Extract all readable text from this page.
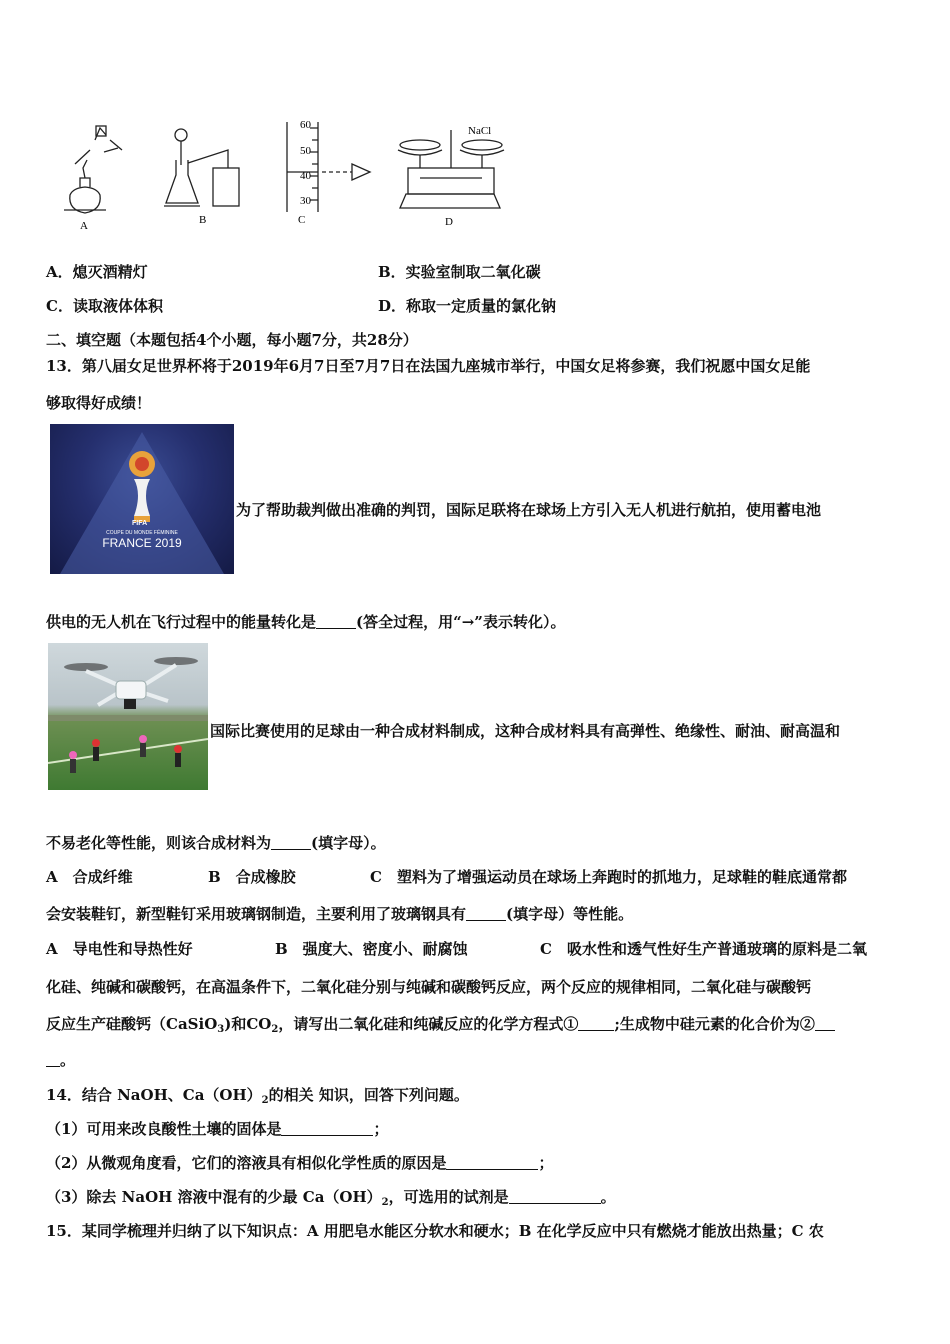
60
50
40
30
NaCl
A	B	C	D
A．熄灭酒精灯	B．实验室制取二氧化碳
C．读取液体体积	D．称取一定质量的氯化钠
二、填空题（本题包括4个小题，每小题7分，共28分）
13．第八届女足世界杯将于2019年6月7日至7月7日在法国九座城市举行，中国女足将参赛，我们祝愿中国女足能
够取得好成绩！
FIFA
COUPE DU MONDE FÉMININE
FRANCE 2019
为了帮助裁判做出准确的判罚，国际足联将在球场上方引入无人机进行航拍，使用蓄电池
供电的无人机在飞行过程中的能量转化是	(答全过程，用“→”表示转化）。
国际比赛使用的足球由一种合成材料制成，这种合成材料具有高弹性、绝缘性、耐油、耐高温和
不易老化等性能，则该合成材料为	(填字母）。
A　合成纤维	B　合成橡胶	C　塑料为了增强运动员在球场上奔跑时的抓地力，足球鞋的鞋底通常都
会安装鞋钉，新型鞋钉采用玻璃钢制造，主要利用了玻璃钢具有	(填字母）等性能。
A　导电性和导热性好	B　强度大、密度小、耐腐蚀	C　吸水性和透气性好生产普通玻璃的原料是二氧
化硅、纯碱和碳酸钙，在高温条件下，二氧化硅分别与纯碱和碳酸钙反应，两个反应的规律相同，二氧化硅与碳酸钙
反应生产硅酸钙（CaSiO$_3$)和$CO_2$，请写出二氧化硅和纯碱反应的化学方程式① ;生成物中硅元素的化合价为②
。
14．结合 NaOH、$Ca(OH)_2$的相关 知识，回答下列问题。
（1）可用来改良酸性土壤的固体是	；
（2）从微观角度看，它们的溶液具有相似化学性质的原因是	；
（3）除去 NaOH 溶液中混有的少最 $Ca(OH)_2$，可选用的试剂是	。
15．某同学梳理并归纳了以下知识点：A 用肥皂水能区分软水和硬水；B 在化学反应中只有燃烧才能放出热量；C 农
